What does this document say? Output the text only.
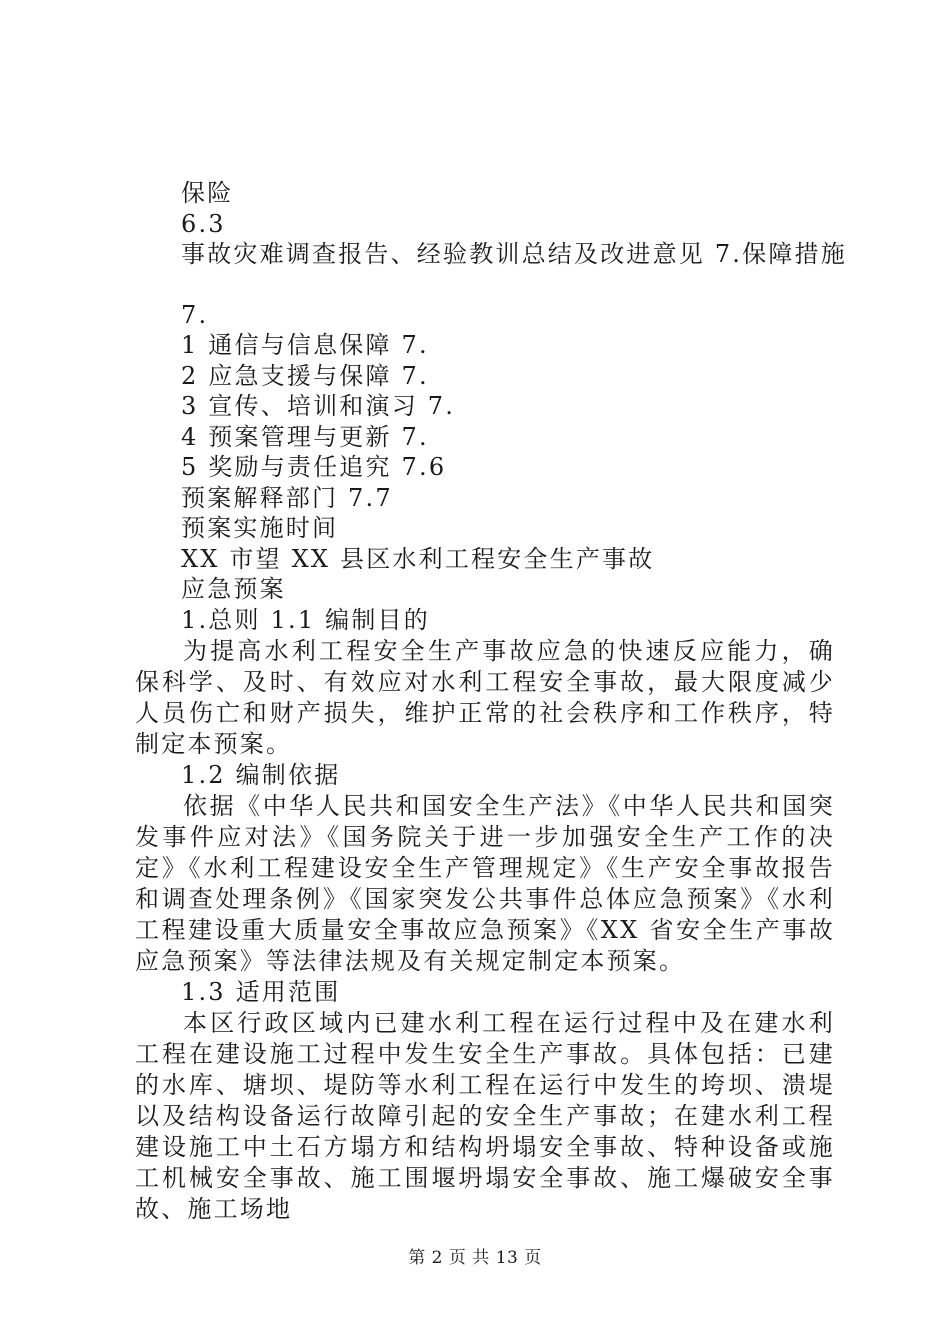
保险
6.3
事故灾难调查报告、经验教训总结及改进意见 7.保障措施
7.
1 通信与信息保障 7.
2 应急支援与保障 7.
3 宣传、培训和演习 7.
4 预案管理与更新 7.
5 奖励与责任追究 7.6
预案解释部门 7.7
预案实施时间
XX 市望 XX 县区水利工程安全生产事故
应急预案
1.总则 1.1 编制目的

为提高水利工程安全生产事故应急的快速反应能力，确保科学、及时、有效应对水利工程安全事故，最大限度减少人员伤亡和财产损失，维护正常的社会秩序和工作秩序，特制定本预案。

1.2 编制依据

依据《中华人民共和国安全生产法》《中华人民共和国突发事件应对法》《国务院关于进一步加强安全生产工作的决定》《水利工程建设安全生产管理规定》《生产安全事故报告和调查处理条例》《国家突发公共事件总体应急预案》《水利工程建设重大质量安全事故应急预案》《XX 省安全生产事故应急预案》等法律法规及有关规定制定本预案。

1.3 适用范围

本区行政区域内已建水利工程在运行过程中及在建水利工程在建设施工过程中发生安全生产事故。具体包括：已建的水库、塘坝、堤防等水利工程在运行中发生的垮坝、溃堤以及结构设备运行故障引起的安全生产事故；在建水利工程建设施工中土石方塌方和结构坍塌安全事故、特种设备或施工机械安全事故、施工围堰坍塌安全事故、施工爆破安全事故、施工场地

第 2 页 共 13 页
